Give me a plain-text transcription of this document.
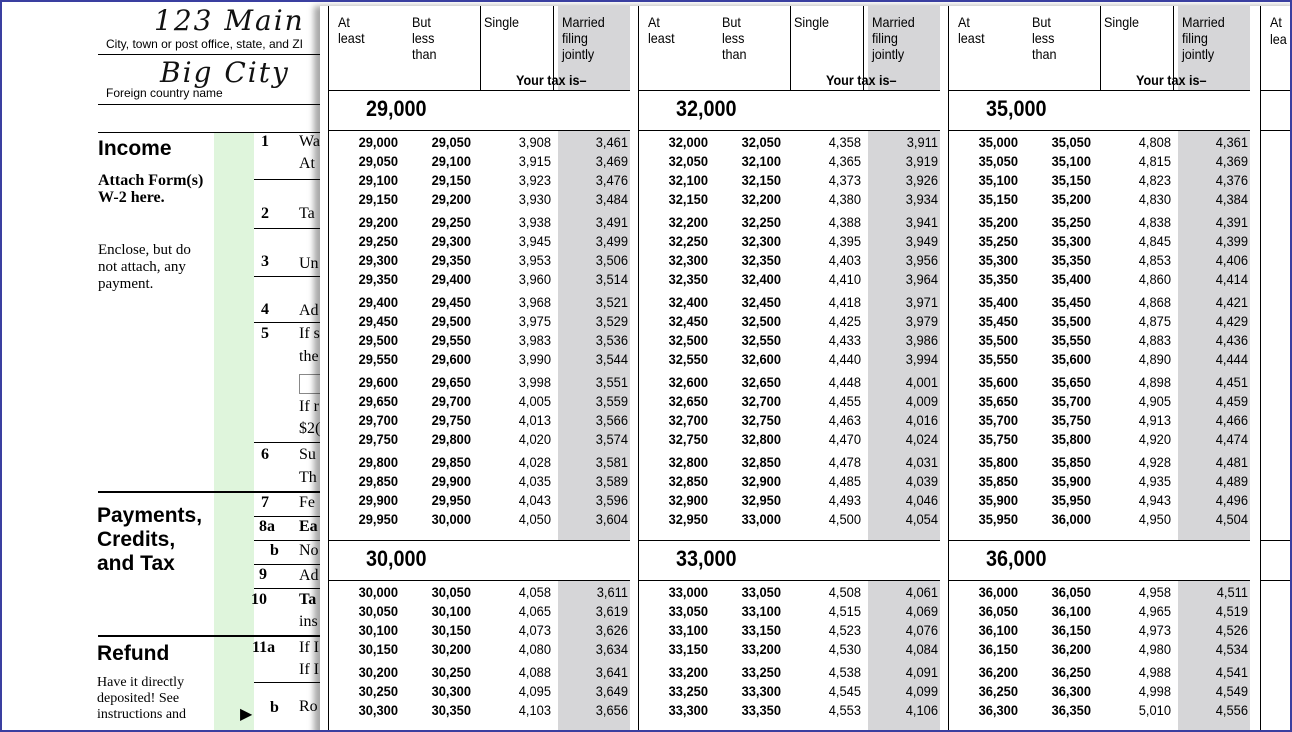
123 Main
City, town or post office, state, and ZI
Big City
Foreign country name
Income
Attach Form(s) W-2 here.
Enclose, but do not attach, any payment.
Payments, Credits, and Tax
Refund
Have it directly deposited! See instructions and	▶
1 Wa
At
2 Ta
3 Un
4 Ad
5 If s
the
If r
$2(
6 Su
Th
7 Fe
8a Ea
b No
9 Ad
10 Ta
ins
11a If I
If I
b Ro
At
lea
At least
But less than
Single	Married filing jointly
Your tax is–
29,000
29,000	29,050	3,908	3,461
29,050	29,100	3,915	3,469
29,100	29,150	3,923	3,476
29,150	29,200	3,930	3,484
29,200	29,250	3,938	3,491
29,250	29,300	3,945	3,499
29,300	29,350	3,953	3,506
29,350	29,400	3,960	3,514
29,400	29,450	3,968	3,521
29,450	29,500	3,975	3,529
29,500	29,550	3,983	3,536
29,550	29,600	3,990	3,544
29,600	29,650	3,998	3,551
29,650	29,700	4,005	3,559
29,700	29,750	4,013	3,566
29,750	29,800	4,020	3,574
29,800	29,850	4,028	3,581
29,850	29,900	4,035	3,589
29,900	29,950	4,043	3,596
29,950	30,000	4,050	3,604
30,000
30,000	30,050	4,058	3,611
30,050	30,100	4,065	3,619
30,100	30,150	4,073	3,626
30,150	30,200	4,080	3,634
30,200	30,250	4,088	3,641
30,250	30,300	4,095	3,649
30,300	30,350	4,103	3,656
At least
But less than
Single	Married filing jointly
Your tax is–
32,000
32,000	32,050	4,358	3,911
32,050	32,100	4,365	3,919
32,100	32,150	4,373	3,926
32,150	32,200	4,380	3,934
32,200	32,250	4,388	3,941
32,250	32,300	4,395	3,949
32,300	32,350	4,403	3,956
32,350	32,400	4,410	3,964
32,400	32,450	4,418	3,971
32,450	32,500	4,425	3,979
32,500	32,550	4,433	3,986
32,550	32,600	4,440	3,994
32,600	32,650	4,448	4,001
32,650	32,700	4,455	4,009
32,700	32,750	4,463	4,016
32,750	32,800	4,470	4,024
32,800	32,850	4,478	4,031
32,850	32,900	4,485	4,039
32,900	32,950	4,493	4,046
32,950	33,000	4,500	4,054
33,000
33,000	33,050	4,508	4,061
33,050	33,100	4,515	4,069
33,100	33,150	4,523	4,076
33,150	33,200	4,530	4,084
33,200	33,250	4,538	4,091
33,250	33,300	4,545	4,099
33,300	33,350	4,553	4,106
At least
But less than
Single	Married filing jointly
Your tax is–
35,000
35,000	35,050	4,808	4,361
35,050	35,100	4,815	4,369
35,100	35,150	4,823	4,376
35,150	35,200	4,830	4,384
35,200	35,250	4,838	4,391
35,250	35,300	4,845	4,399
35,300	35,350	4,853	4,406
35,350	35,400	4,860	4,414
35,400	35,450	4,868	4,421
35,450	35,500	4,875	4,429
35,500	35,550	4,883	4,436
35,550	35,600	4,890	4,444
35,600	35,650	4,898	4,451
35,650	35,700	4,905	4,459
35,700	35,750	4,913	4,466
35,750	35,800	4,920	4,474
35,800	35,850	4,928	4,481
35,850	35,900	4,935	4,489
35,900	35,950	4,943	4,496
35,950	36,000	4,950	4,504
36,000
36,000	36,050	4,958	4,511
36,050	36,100	4,965	4,519
36,100	36,150	4,973	4,526
36,150	36,200	4,980	4,534
36,200	36,250	4,988	4,541
36,250	36,300	4,998	4,549
36,300	36,350	5,010	4,556
